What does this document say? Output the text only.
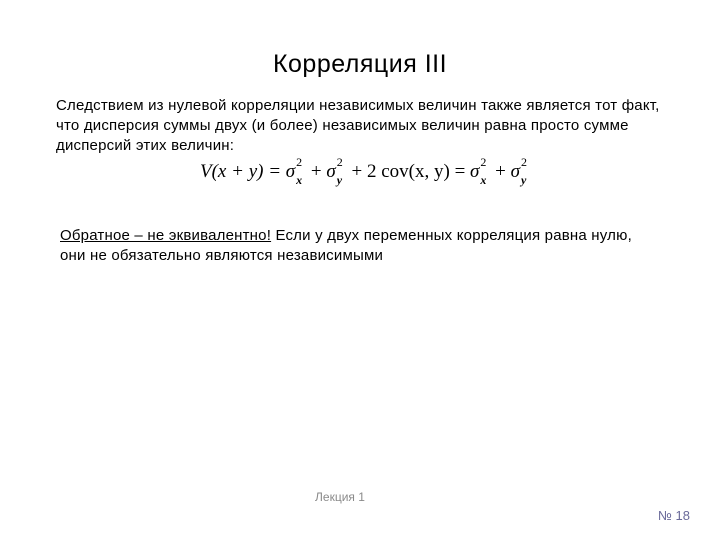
Корреляция III
Следствием из нулевой корреляции независимых величин также является тот факт, что дисперсия суммы двух (и более) независимых величин равна просто сумме дисперсий этих величин:
V(x + y) = σ 2
x + σ 2
y + 2 cov(x, y) = σ 2
x + σ 2
y
Обратное – не эквивалентно! Если у двух переменных корреляция равна нулю, они не обязательно являются независимыми
Лекция 1
№ 18
